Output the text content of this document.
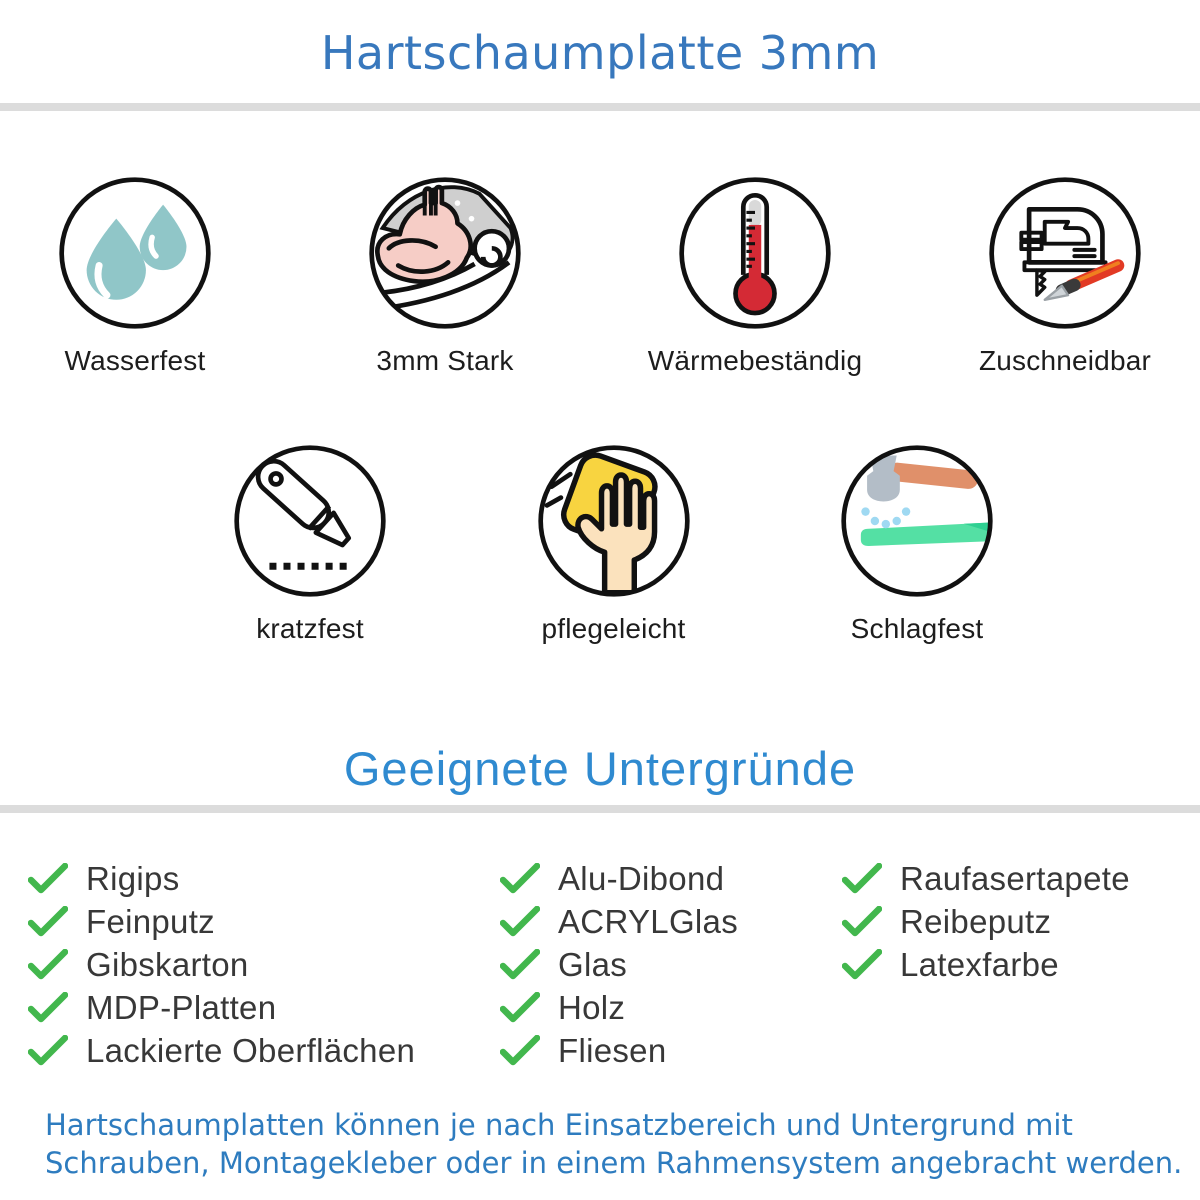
Hartschaumplatte 3mm
Wasserfest	3mm Stark	Wärmebeständig	Zuschneidbar
kratzfest	pflegeleicht	Schlagfest
Geeignete Untergründe
Rigips
Feinputz
Gibskarton
MDP-Platten
Lackierte Oberflächen
Alu-Dibond
ACRYLGlas
Glas
Holz
Fliesen
Raufasertapete
Reibeputz
Latexfarbe

Hartschaumplatten können je nach Einsatzbereich und Untergrund mit
Schrauben, Montagekleber oder in einem Rahmensystem angebracht werden.
